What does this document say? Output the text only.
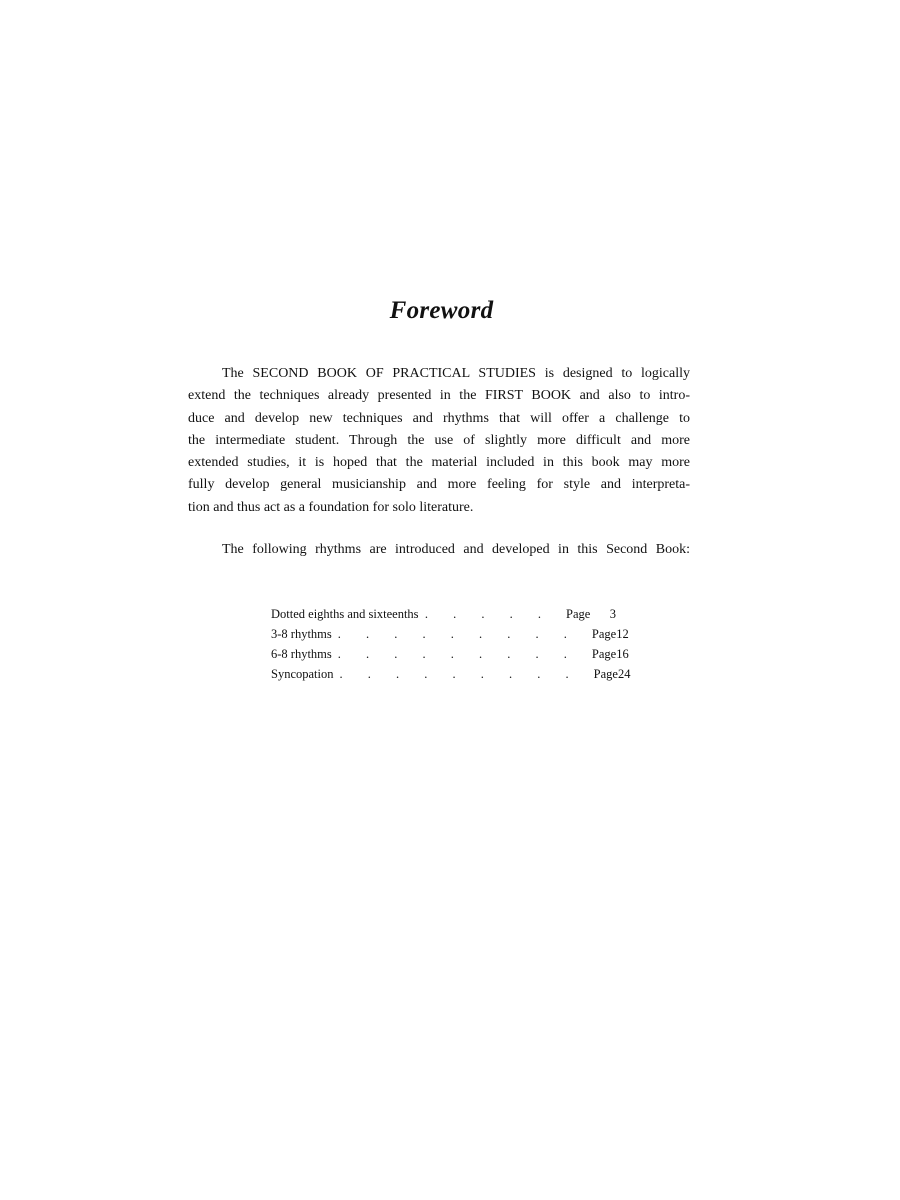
Foreword
The SECOND BOOK OF PRACTICAL STUDIES is designed to logically
extend the techniques already presented in the FIRST BOOK and also to intro-
duce and develop new techniques and rhythms that will offer a challenge to
the intermediate student. Through the use of slightly more difficult and more
extended studies, it is hoped that the material included in this book may more
fully develop general musicianship and more feeling for style and interpreta-
tion and thus act as a foundation for solo literature.
The following rhythms are introduced and developed in this Second Book:
Dotted eighths and sixteenths . . . . . Page 3
3-8 rhythms . . . . . . . . . Page 12
6-8 rhythms . . . . . . . . . Page 16
Syncopation . . . . . . . . . Page 24
